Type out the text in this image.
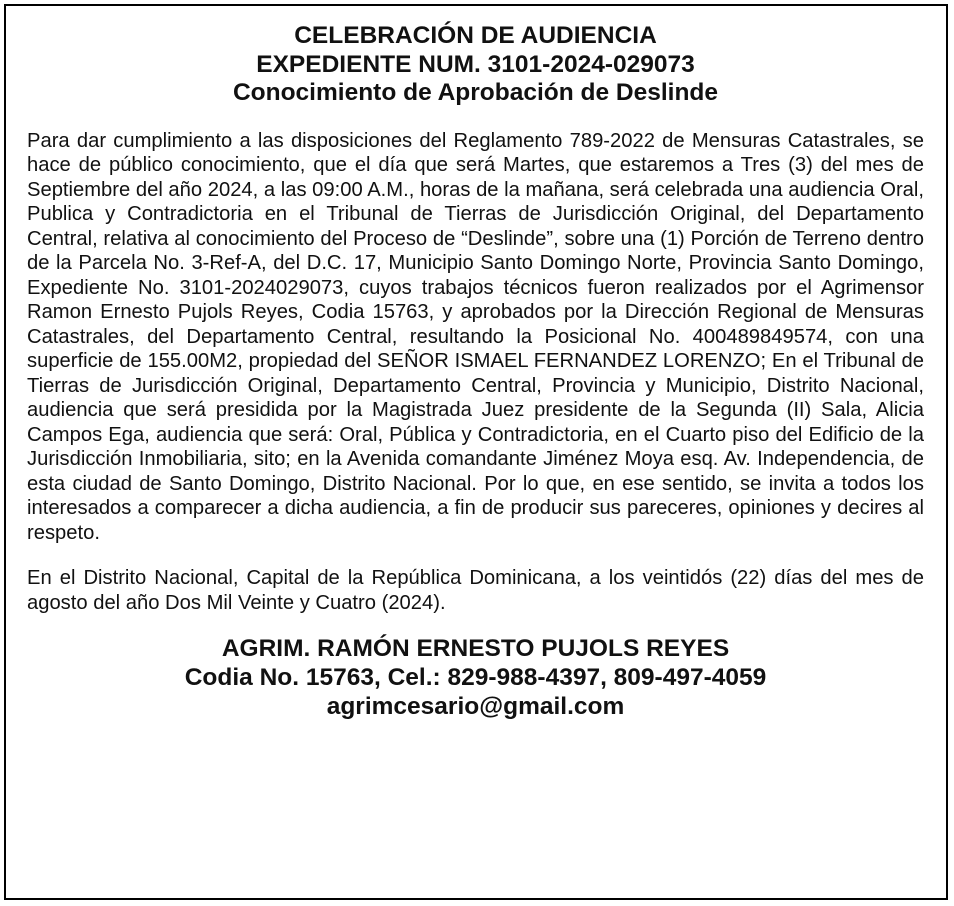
CELEBRACIÓN DE AUDIENCIA
EXPEDIENTE NUM. 3101-2024-029073
Conocimiento de Aprobación de Deslinde

Para dar cumplimiento a las disposiciones del Reglamento 789-2022 de Mensuras Catastrales, se hace de público conocimiento, que el día que será Martes, que estaremos a Tres (3) del mes de Septiembre del año 2024, a las 09:00 A.M., horas de la mañana, será celebrada una audiencia Oral, Publica y Contradictoria en el Tribunal de Tierras de Jurisdicción Original, del Departamento Central, relativa al conocimiento del Proceso de “Deslinde”, sobre una (1) Porción de Terreno dentro de la Parcela No. 3-Ref-A, del D.C. 17, Municipio Santo Domingo Norte, Provincia Santo Domingo, Expediente No. 3101-2024029073, cuyos trabajos técnicos fueron realizados por el Agrimensor Ramon Ernesto Pujols Reyes, Codia 15763, y aprobados por la Dirección Regional de Mensuras Catastrales, del Departamento Central, resultando la Posicional No. 400489849574, con una superficie de 155.00M2, propiedad del SEÑOR ISMAEL FERNANDEZ LORENZO; En el Tribunal de Tierras de Jurisdicción Original, Departamento Central, Provincia y Municipio, Distrito Nacional, audiencia que será presidida por la Magistrada Juez presidente de la Segunda (II) Sala, Alicia Campos Ega, audiencia que será: Oral, Pública y Contradictoria, en el Cuarto piso del Edificio de la Jurisdicción Inmobiliaria, sito; en la Avenida comandante Jiménez Moya esq. Av. Independencia, de esta ciudad de Santo Domingo, Distrito Nacional. Por lo que, en ese sentido, se invita a todos los interesados a comparecer a dicha audiencia, a fin de producir sus pareceres, opiniones y decires al respeto.

En el Distrito Nacional, Capital de la República Dominicana, a los veintidós (22) días del mes de agosto del año Dos Mil Veinte y Cuatro (2024).

AGRIM. RAMÓN ERNESTO PUJOLS REYES
Codia No. 15763, Cel.: 829-988-4397, 809-497-4059
agrimcesario@gmail.com
